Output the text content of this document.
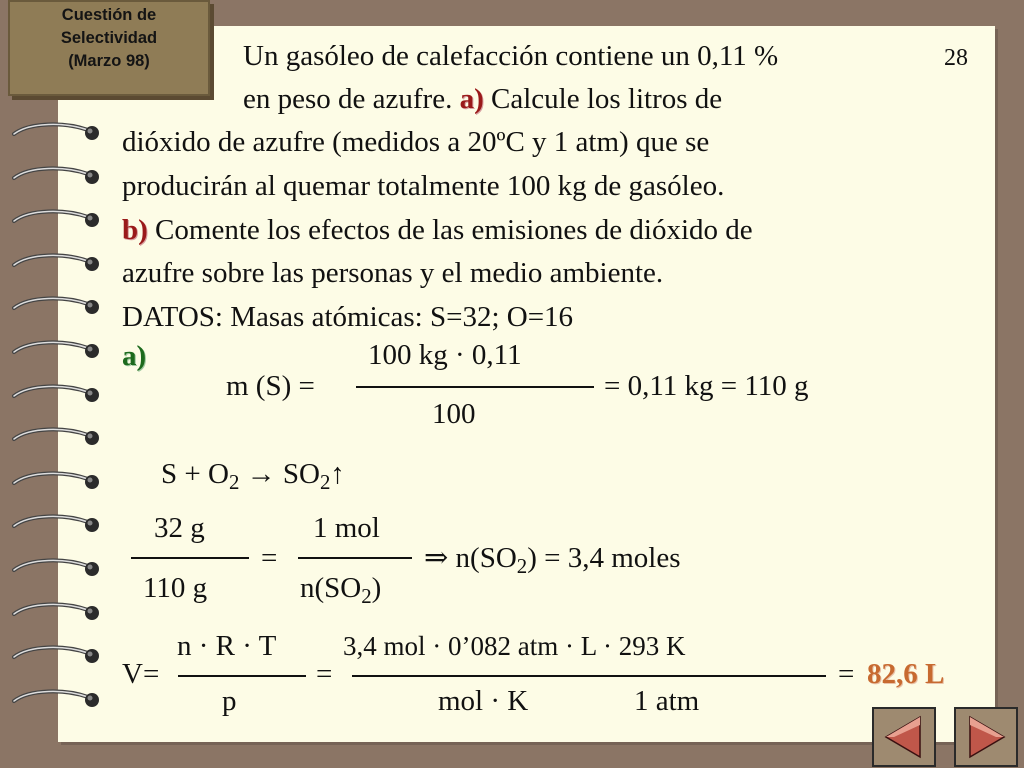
Cuestión de
Selectividad
(Marzo 98)	28
Un gasóleo de calefacción contiene un 0,11 %
en peso de azufre. a) Calcule los litros de
dióxido de azufre (medidos a 20ºC y 1 atm) que se
producirán al quemar totalmente 100 kg de gasóleo.
b) Comente los efectos de las emisiones de dióxido de
azufre sobre las personas y el medio ambiente.
DATOS: Masas atómicas: S=32; O=16
a)
m (S) =
100 kg · 0,11
100
= 0,11 kg = 110 g
$S + O_2$ → $SO_2↑$
32 g
110 g
=
1 mol
$n(SO_2)$
⇒ $n(SO_2) = 3,4$ moles
V=
n · R · T
p
=
3,4 mol · 0’082 atm · L · 293 K
mol · K	1 atm
= 82,6 L
